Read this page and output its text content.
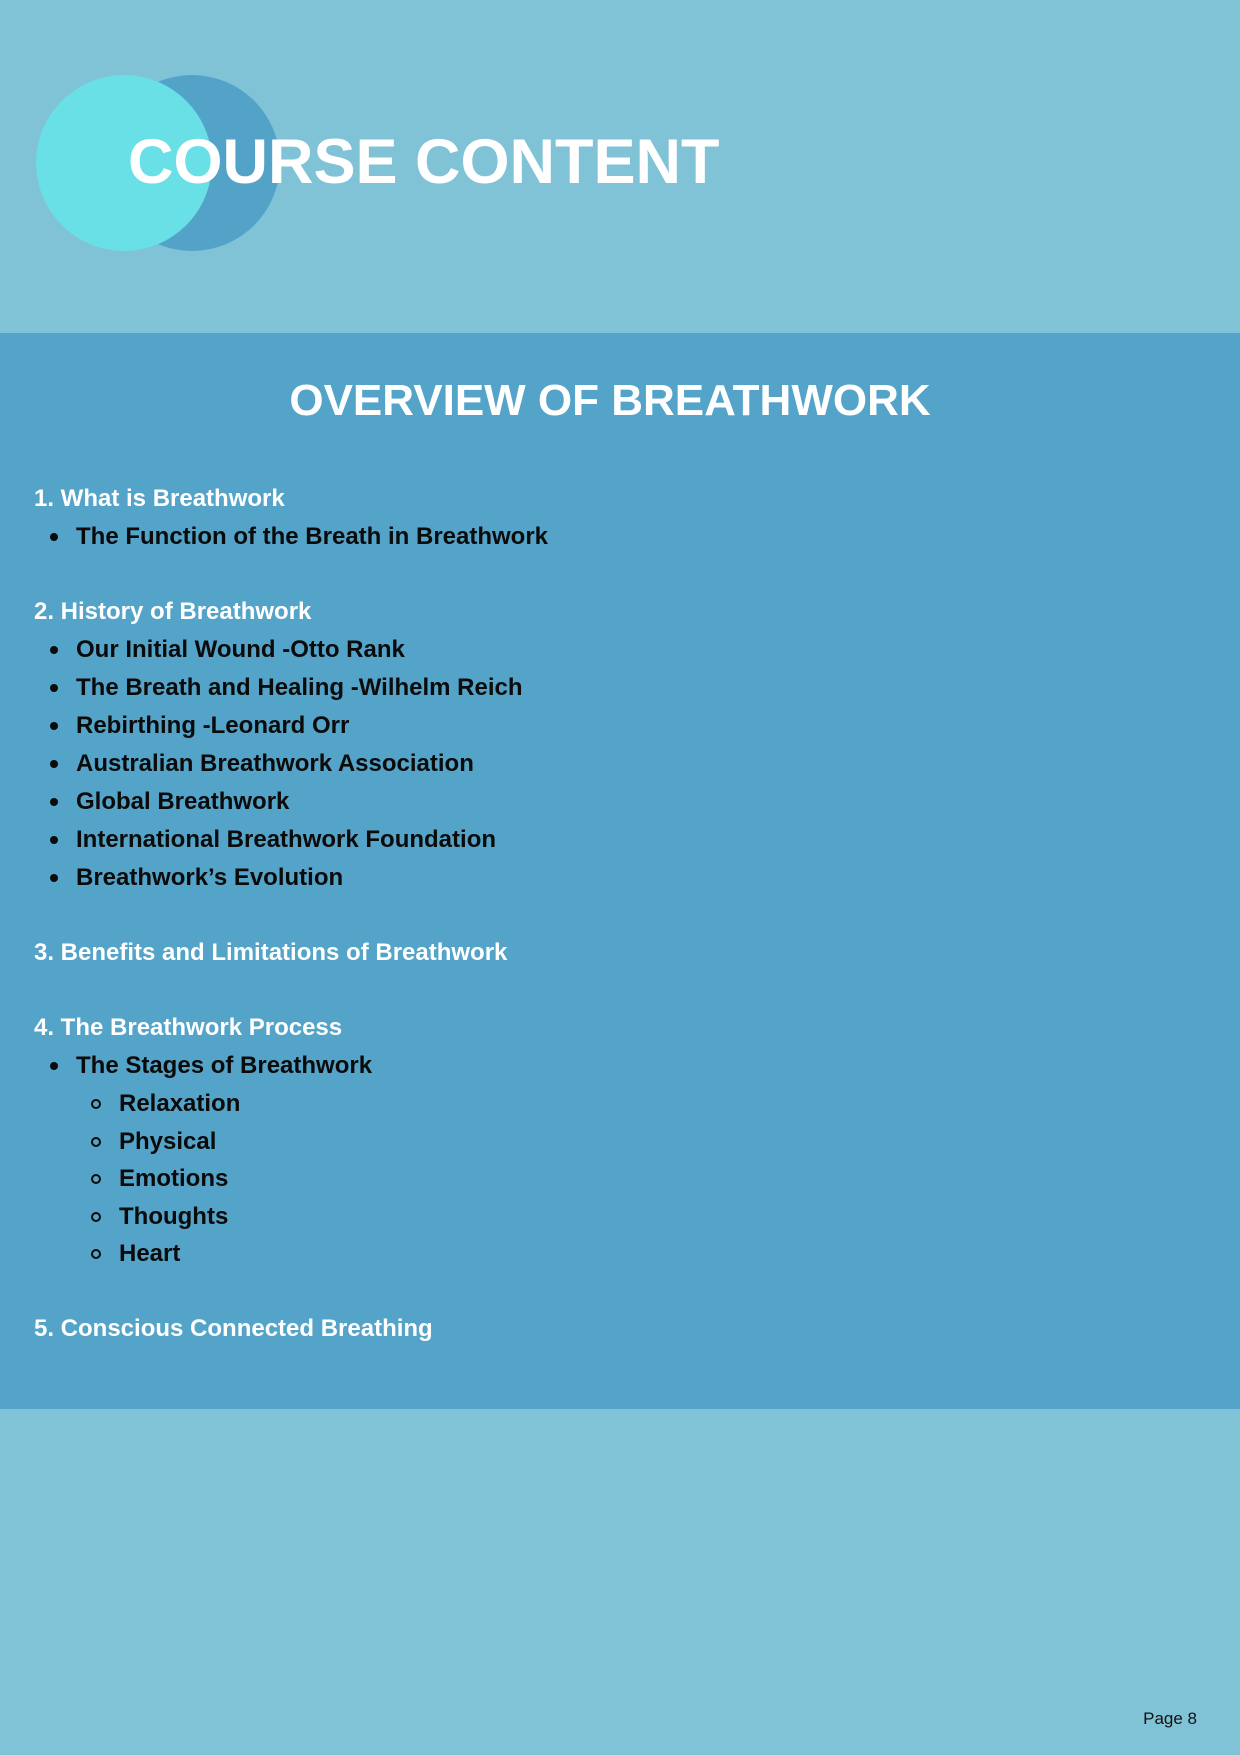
COURSE CONTENT
OVERVIEW OF BREATHWORK
1. What is Breathwork
The Function of the Breath in Breathwork
2. History of Breathwork
Our Initial Wound -Otto Rank
The Breath and Healing -Wilhelm Reich
Rebirthing -Leonard Orr
Australian Breathwork Association
Global Breathwork
International Breathwork Foundation
Breathwork’s Evolution
3. Benefits and Limitations of Breathwork
4. The Breathwork Process
The Stages of Breathwork
Relaxation
Physical
Emotions
Thoughts
Heart
5. Conscious Connected Breathing
Page 8
